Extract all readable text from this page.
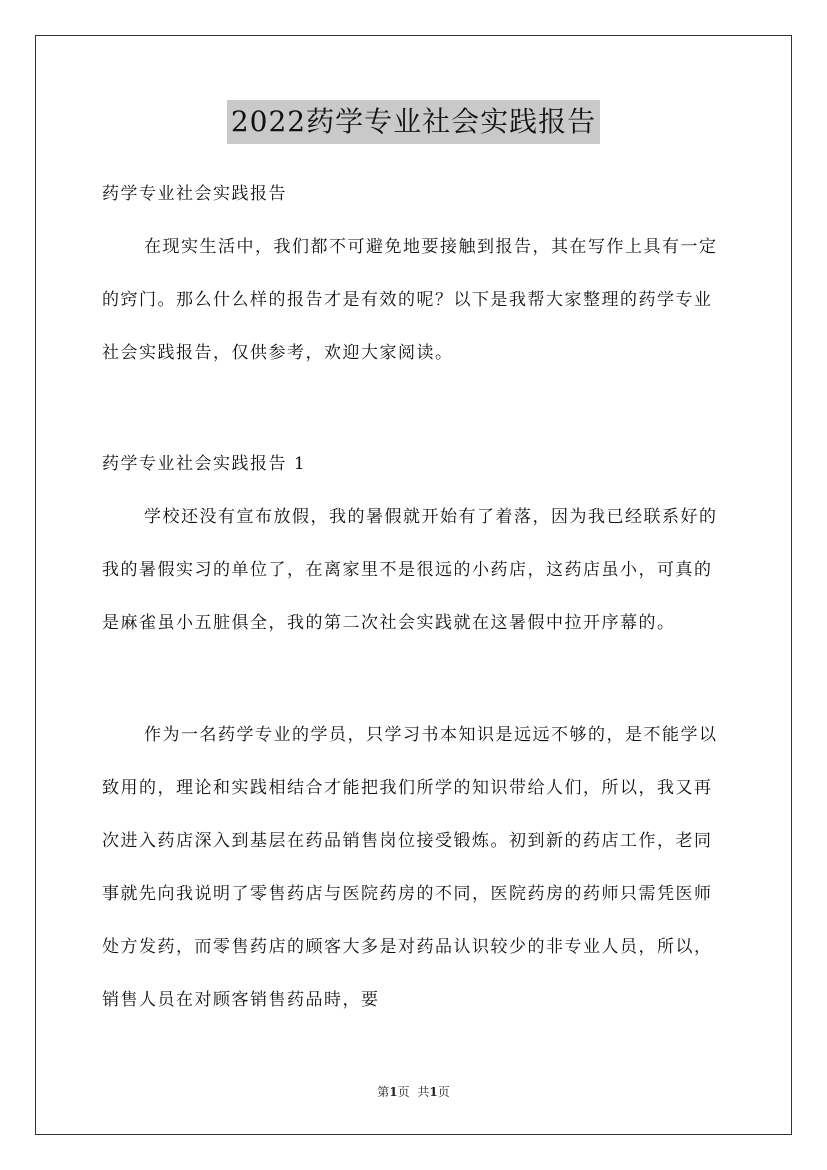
2022药学专业社会实践报告

药学专业社会实践报告

在现实生活中，我们都不可避免地要接触到报告，其在写作上具有一定的窍门。那么什么样的报告才是有效的呢？以下是我帮大家整理的药学专业社会实践报告，仅供参考，欢迎大家阅读。

药学专业社会实践报告 1

学校还没有宣布放假，我的暑假就开始有了着落，因为我已经联系好的我的暑假实习的单位了，在离家里不是很远的小药店，这药店虽小，可真的是麻雀虽小五脏俱全，我的第二次社会实践就在这暑假中拉开序幕的。

作为一名药学专业的学员，只学习书本知识是远远不够的，是不能学以致用的，理论和实践相结合才能把我们所学的知识带给人们，所以，我又再次进入药店深入到基层在药品销售岗位接受锻炼。初到新的药店工作，老同事就先向我说明了零售药店与医院药房的不同，医院药房的药师只需凭医师处方发药，而零售药店的顾客大多是对药品认识较少的非专业人员，所以，销售人员在对顾客销售药品時，要

第1页 共1页
